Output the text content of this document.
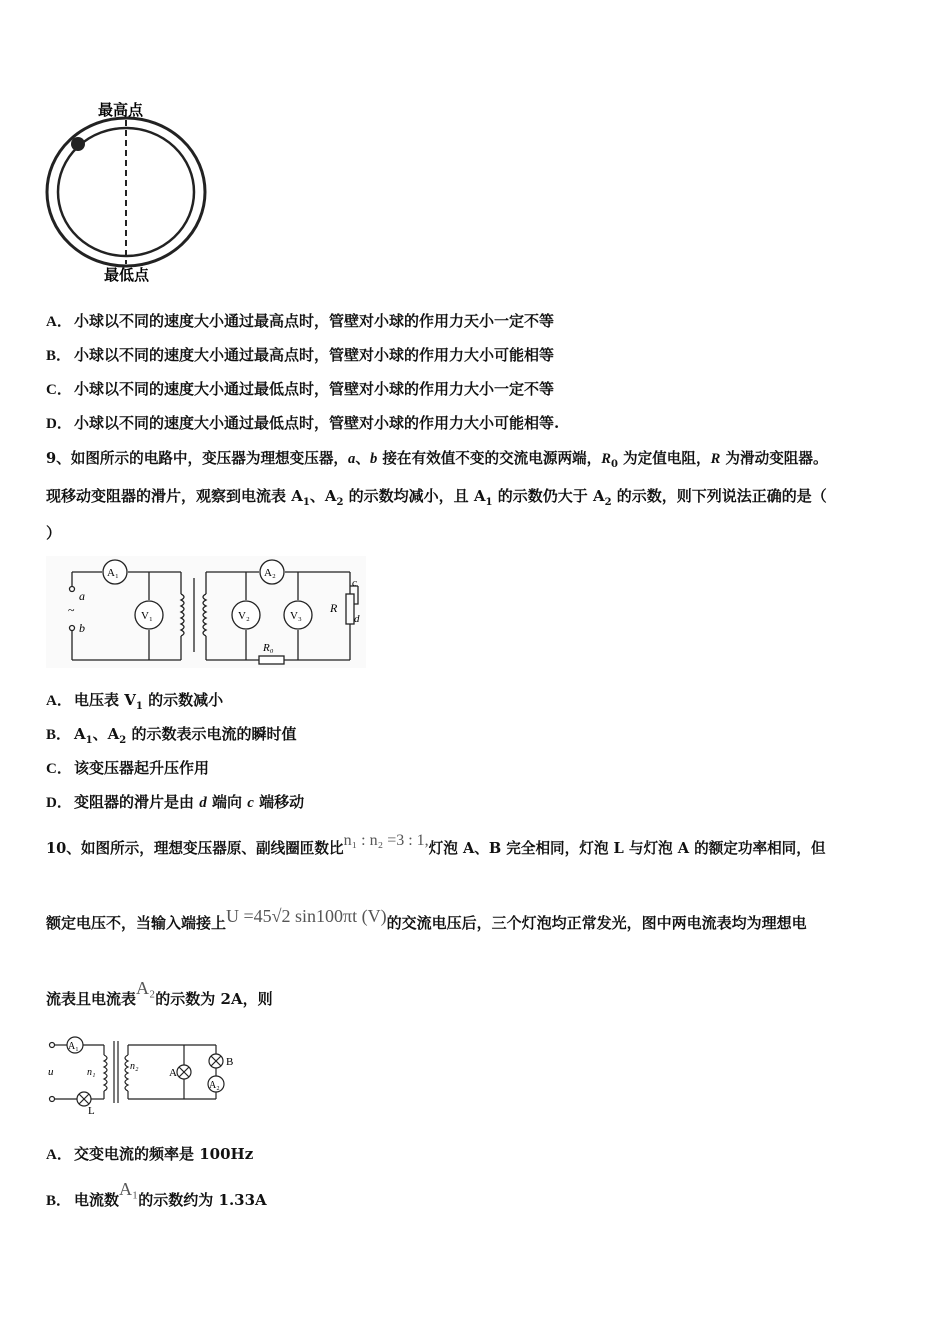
最高点
最低点
A． 小球以不同的速度大小通过最高点时，管壁对小球的作用力天小一定不等
B． 小球以不同的速度大小通过最高点时，管壁对小球的作用力大小可能相等
C． 小球以不同的速度大小通过最低点时，管壁对小球的作用力大小一定不等
D． 小球以不同的速度大小通过最低点时，管壁对小球的作用力大小可能相等.
9、如图所示的电路中，变压器为理想变压器，a、b 接在有效值不变的交流电源两端，$R_0$ 为定值电阻，R 为滑动变阻器。
现移动变阻器的滑片，观察到电流表 $A_1$、$A_2$ 的示数均减小，且 $A_1$ 的示数仍大于 $A_2$ 的示数，则下列说法正确的是（
）
A₁
V₁	V₂	V₃
A₂
a
b
~	R
c
d
R₀
A． 电压表 $V_1$ 的示数减小
B． $A_1$、$A_2$ 的示数表示电流的瞬时值
C． 该变压器起升压作用
D． 变阻器的滑片是由 d 端向 c 端移动
10、如图所示，理想变压器原、副线圈匝数比n₁ : n₂ =3 : 1,灯泡 A、B 完全相同，灯泡 L 与灯泡 A 的额定功率相同，但
额定电压不，当输入端接上U =45√2 sin100πt (V)的交流电压后，三个灯泡均正常发光，图中两电流表均为理想电
流表且电流表A₂的示数为 2A，则
A₁
A₂
u	n₁
n₂
A
B
L
A． 交变电流的频率是 100Hz
B． 电流数A₁的示数约为 1.33A
